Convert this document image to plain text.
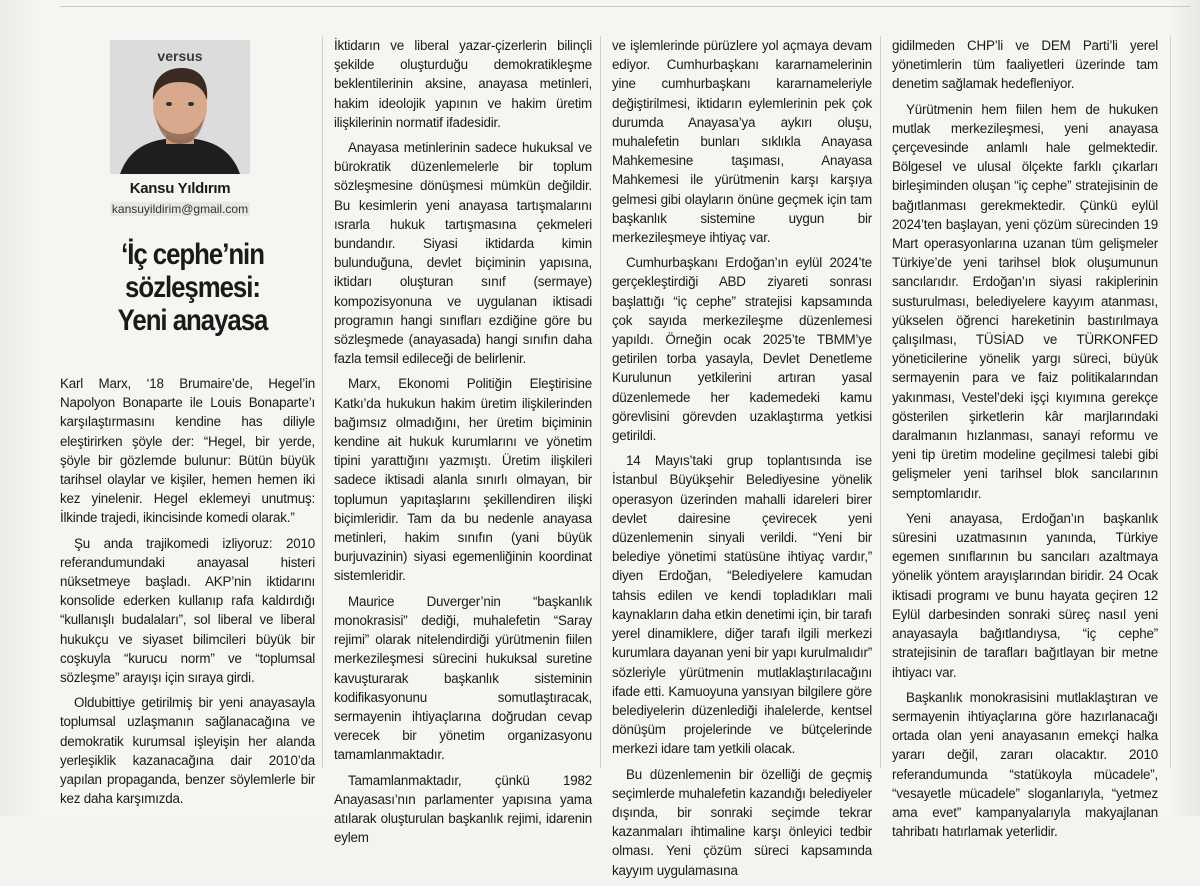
versus
Kansu Yıldırım
kansuyildirim@gmail.com
‘İç cephe’nin
sözleşmesi:
Yeni anayasa

Karl Marx, ‘18 Brumaire’de, Hegel’in Napolyon Bonaparte ile Louis Bonaparte’ı karşılaştırmasını kendine has diliyle eleştirirken şöyle der: “Hegel, bir yerde, şöyle bir gözlemde bulunur: Bütün büyük tarihsel olaylar ve kişiler, hemen hemen iki kez yinelenir. Hegel eklemeyi unutmuş: İlkinde trajedi, ikincisinde komedi olarak.”

Şu anda trajikomedi izliyoruz: 2010 referandumundaki anayasal histeri nüksetmeye başladı. AKP’nin iktidarını konsolide ederken kullanıp rafa kaldırdığı “kullanışlı budalaları”, sol liberal ve liberal hukukçu ve siyaset bilimcileri büyük bir coşkuyla “kurucu norm” ve “toplumsal sözleşme” arayışı için sıraya girdi.

Oldubittiye getirilmiş bir yeni anayasayla toplumsal uzlaşmanın sağlanacağına ve demokratik kurumsal işleyişin her alanda yerleşiklik kazanacağına dair 2010’da yapılan propaganda, benzer söylemlerle bir kez daha karşımızda.

İktidarın ve liberal yazar-çizerlerin bilinçli şekilde oluşturduğu demokratikleşme beklentilerinin aksine, anayasa metinleri, hakim ideolojik yapının ve hakim üretim ilişkilerinin normatif ifadesidir.

Anayasa metinlerinin sadece hukuksal ve bürokratik düzenlemelerle bir toplum sözleşmesine dönüşmesi mümkün değildir. Bu kesimlerin yeni anayasa tartışmalarını ısrarla hukuk tartışmasına çekmeleri bundandır. Siyasi iktidarda kimin bulunduğuna, devlet biçiminin yapısına, iktidarı oluşturan sınıf (sermaye) kompozisyonuna ve uygulanan iktisadi programın hangi sınıfları ezdiğine göre bu sözleşmede (anayasada) hangi sınıfın daha fazla temsil edileceği de belirlenir.

Marx, Ekonomi Politiğin Eleştirisine Katkı’da hukukun hakim üretim ilişkilerinden bağımsız olmadığını, her üretim biçiminin kendine ait hukuk kurumlarını ve yönetim tipini yarattığını yazmıştı. Üretim ilişkileri sadece iktisadi alanla sınırlı olmayan, bir toplumun yapıtaşlarını şekillendiren ilişki biçimleridir. Tam da bu nedenle anayasa metinleri, hakim sınıfın (yani büyük burjuvazinin) siyasi egemenliğinin koordinat sistemleridir.

Maurice Duverger’nin “başkanlık monokrasisi” dediği, muhalefetin “Saray rejimi” olarak nitelendirdiği yürütmenin fiilen merkezileşmesi sürecini hukuksal suretine kavuşturarak başkanlık sisteminin kodifikasyonunu somutlaştıracak, sermayenin ihtiyaçlarına doğrudan cevap verecek bir yönetim organizasyonu tamamlanmaktadır.

Tamamlanmaktadır, çünkü 1982 Anayasası’nın parlamenter yapısına yama atılarak oluşturulan başkanlık rejimi, idarenin eylem

ve işlemlerinde pürüzlere yol açmaya devam ediyor. Cumhurbaşkanı kararnamelerinin yine cumhurbaşkanı kararnameleriyle değiştirilmesi, iktidarın eylemlerinin pek çok durumda Anayasa’ya aykırı oluşu, muhalefetin bunları sıklıkla Anayasa Mahkemesine taşıması, Anayasa Mahkemesi ile yürütmenin karşı karşıya gelmesi gibi olayların önüne geçmek için tam başkanlık sistemine uygun bir merkezileşmeye ihtiyaç var.

Cumhurbaşkanı Erdoğan’ın eylül 2024’te gerçekleştirdiği ABD ziyareti sonrası başlattığı “iç cephe” stratejisi kapsamında çok sayıda merkezileşme düzenlemesi yapıldı. Örneğin ocak 2025’te TBMM’ye getirilen torba yasayla, Devlet Denetleme Kurulunun yetkilerini artıran yasal düzenlemede her kademedeki kamu görevlisini görevden uzaklaştırma yetkisi getirildi.

14 Mayıs’taki grup toplantısında ise İstanbul Büyükşehir Belediyesine yönelik operasyon üzerinden mahalli idareleri birer devlet dairesine çevirecek yeni düzenlemenin sinyali verildi. “Yeni bir belediye yönetimi statüsüne ihtiyaç vardır,” diyen Erdoğan, “Belediyelere kamudan tahsis edilen ve kendi topladıkları mali kaynakların daha etkin denetimi için, bir tarafı yerel dinamiklere, diğer tarafı ilgili merkezi kurumlara dayanan yeni bir yapı kurulmalıdır” sözleriyle yürütmenin mutlaklaştırılacağını ifade etti. Kamuoyuna yansıyan bilgilere göre belediyelerin düzenlediği ihalelerde, kentsel dönüşüm projelerinde ve bütçelerinde merkezi idare tam yetkili olacak.

Bu düzenlemenin bir özelliği de geçmiş seçimlerde muhalefetin kazandığı belediyeler dışında, bir sonraki seçimde tekrar kazanmaları ihtimaline karşı önleyici tedbir olması. Yeni çözüm süreci kapsamında kayyım uygulamasına

gidilmeden CHP’li ve DEM Parti’li yerel yönetimlerin tüm faaliyetleri üzerinde tam denetim sağlamak hedefleniyor.

Yürütmenin hem fiilen hem de hukuken mutlak merkezileşmesi, yeni anayasa çerçevesinde anlamlı hale gelmektedir. Bölgesel ve ulusal ölçekte farklı çıkarları birleşiminden oluşan “iç cephe” stratejisinin de bağıtlanması gerekmektedir. Çünkü eylül 2024’ten başlayan, yeni çözüm sürecinden 19 Mart operasyonlarına uzanan tüm gelişmeler Türkiye’de yeni tarihsel blok oluşumunun sancılarıdır. Erdoğan’ın siyasi rakiplerinin susturulması, belediyelere kayyım atanması, yükselen öğrenci hareketinin bastırılmaya çalışılması, TÜSİAD ve TÜRKONFED yöneticilerine yönelik yargı süreci, büyük sermayenin para ve faiz politikalarından yakınması, Vestel’deki işçi kıyımına gerekçe gösterilen şirketlerin kâr marjlarındaki daralmanın hızlanması, sanayi reformu ve yeni tip üretim modeline geçilmesi talebi gibi gelişmeler yeni tarihsel blok sancılarının semptomlarıdır.

Yeni anayasa, Erdoğan’ın başkanlık süresini uzatmasının yanında, Türkiye egemen sınıflarının bu sancıları azaltmaya yönelik yöntem arayışlarından biridir. 24 Ocak iktisadi programı ve bunu hayata geçiren 12 Eylül darbesinden sonraki süreç nasıl yeni anayasayla bağıtlandıysa, “iç cephe” stratejisinin de tarafları bağıtlayan bir metne ihtiyacı var.

Başkanlık monokrasisini mutlaklaştıran ve sermayenin ihtiyaçlarına göre hazırlanacağı ortada olan yeni anayasanın emekçi halka yararı değil, zararı olacaktır. 2010 referandumunda “statükoyla mücadele”, “vesayetle mücadele” sloganlarıyla, “yetmez ama evet” kampanyalarıyla makyajlanan tahribatı hatırlamak yeterlidir.
